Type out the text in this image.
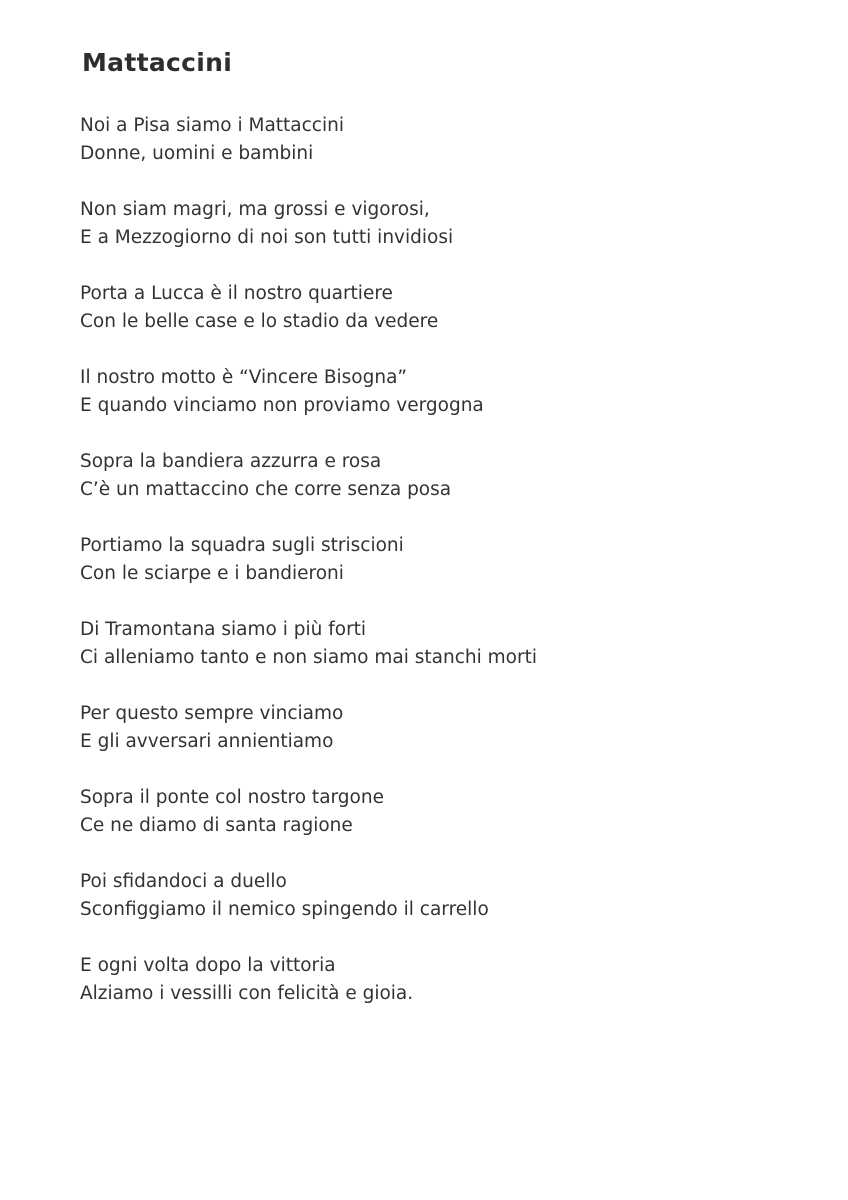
Mattaccini
Noi a Pisa siamo i Mattaccini
Donne, uomini e bambini
Non siam magri, ma grossi e vigorosi,
E a Mezzogiorno di noi son tutti invidiosi
Porta a Lucca è il nostro quartiere
Con le belle case e lo stadio da vedere
Il nostro motto è “Vincere Bisogna”
E quando vinciamo non proviamo vergogna
Sopra la bandiera azzurra e rosa
C’è un mattaccino che corre senza posa
Portiamo la squadra sugli striscioni
Con le sciarpe e i bandieroni
Di Tramontana siamo i più forti
Ci alleniamo tanto e non siamo mai stanchi morti
Per questo sempre vinciamo
E gli avversari annientiamo
Sopra il ponte col nostro targone
Ce ne diamo di santa ragione
Poi sfidandoci a duello
Sconfiggiamo il nemico spingendo il carrello
E ogni volta dopo la vittoria
Alziamo i vessilli con felicità e gioia.
